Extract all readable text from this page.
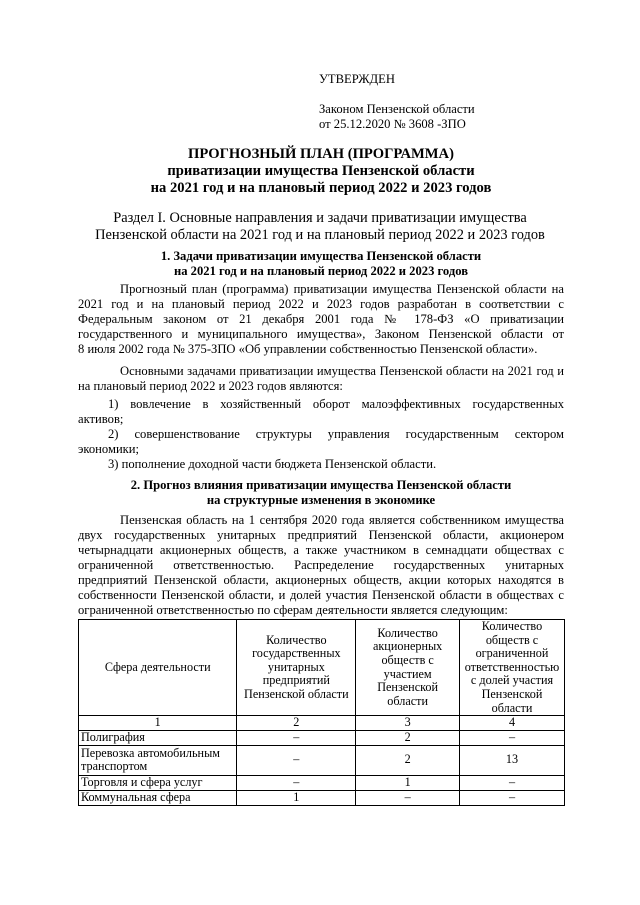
УТВЕРЖДЕН
Законом Пензенской области
от 25.12.2020 № 3608 -ЗПО
ПРОГНОЗНЫЙ ПЛАН (ПРОГРАММА)
приватизации имущества Пензенской области
на 2021 год и на плановый период 2022 и 2023 годов
Раздел I. Основные направления и задачи приватизации имущества
Пензенской области на 2021 год и на плановый период 2022 и 2023 годов
1. Задачи приватизации имущества Пензенской области
на 2021 год и на плановый период 2022 и 2023 годов
Прогнозный план (программа) приватизации имущества Пензенской области на
2021 год и на плановый период 2022 и 2023 годов разработан в соответствии с
Федеральным законом от 21 декабря 2001 года № 178-ФЗ «О приватизации
государственного и муниципального имущества», Законом Пензенской области от
8 июля 2002 года № 375-ЗПО «Об управлении собственностью Пензенской области».
Основными задачами приватизации имущества Пензенской области на 2021 год и
на плановый период 2022 и 2023 годов являются:
1) вовлечение в хозяйственный оборот малоэффективных государственных
активов;
2) совершенствование структуры управления государственным сектором
экономики;
3) пополнение доходной части бюджета Пензенской области.
2. Прогноз влияния приватизации имущества Пензенской области
на структурные изменения в экономике
Пензенская область на 1 сентября 2020 года является собственником имущества
двух государственных унитарных предприятий Пензенской области, акционером
четырнадцати акционерных обществ, а также участником в семнадцати обществах с
ограниченной ответственностью. Распределение государственных унитарных
предприятий Пензенской области, акционерных обществ, акции которых находятся в
собственности Пензенской области, и долей участия Пензенской области в обществах с
ограниченной ответственностью по сферам деятельности является следующим:
Сфера деятельности	Количество государственных унитарных предприятий Пензенской области	Количество акционерных обществ с участием Пензенской области	Количество обществ с ограниченной ответственностью с долей участия Пензенской области
1	2	3	4
Полиграфия	–	2	–
Перевозка автомобильным транспортом	–	2	13
Торговля и сфера услуг	–	1	–
Коммунальная сфера	1	–	–
